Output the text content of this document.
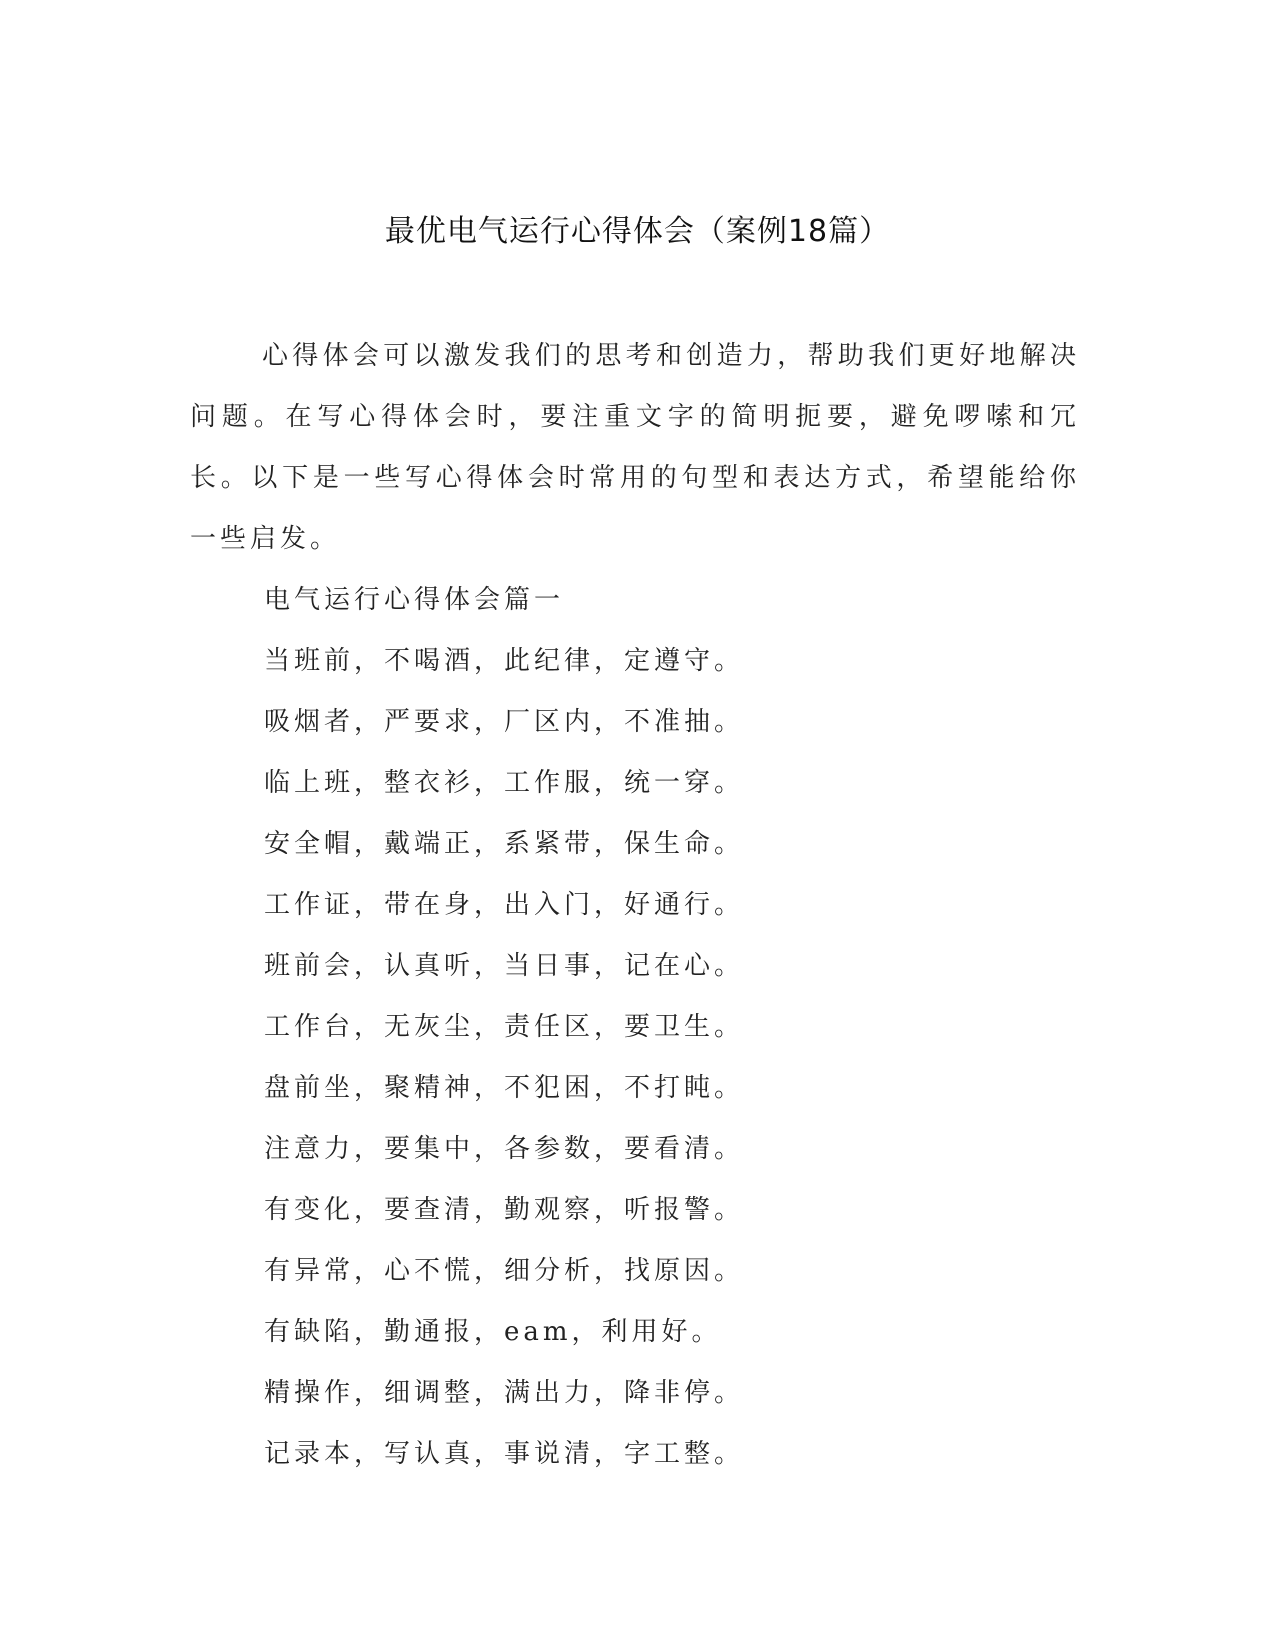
最优电气运行心得体会（案例18篇）
心得体会可以激发我们的思考和创造力，帮助我们更好地解决问题。在写心得体会时，要注重文字的简明扼要，避免啰嗦和冗长。以下是一些写心得体会时常用的句型和表达方式，希望能给你一些启发。
电气运行心得体会篇一
当班前，不喝酒，此纪律，定遵守。
吸烟者，严要求，厂区内，不准抽。
临上班，整衣衫，工作服，统一穿。
安全帽，戴端正，系紧带，保生命。
工作证，带在身，出入门，好通行。
班前会，认真听，当日事，记在心。
工作台，无灰尘，责任区，要卫生。
盘前坐，聚精神，不犯困，不打盹。
注意力，要集中，各参数，要看清。
有变化，要查清，勤观察，听报警。
有异常，心不慌，细分析，找原因。
有缺陷，勤通报，eam，利用好。
精操作，细调整，满出力，降非停。
记录本，写认真，事说清，字工整。
